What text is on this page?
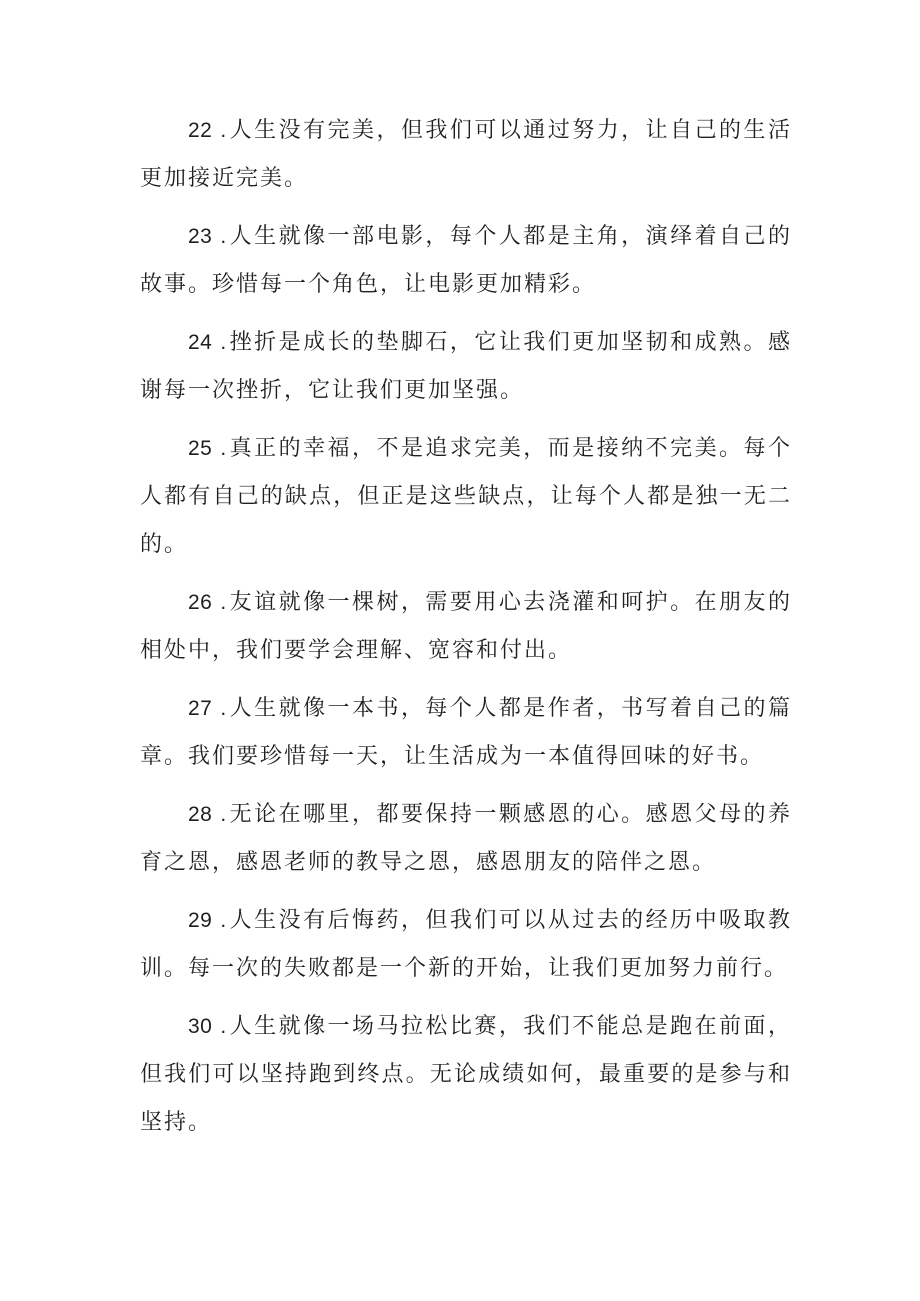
22 .人生没有完美，但我们可以通过努力，让自己的生活更加接近完美。

23 .人生就像一部电影，每个人都是主角，演绎着自己的故事。珍惜每一个角色，让电影更加精彩。

24 .挫折是成长的垫脚石，它让我们更加坚韧和成熟。感谢每一次挫折，它让我们更加坚强。

25 .真正的幸福，不是追求完美，而是接纳不完美。每个人都有自己的缺点，但正是这些缺点，让每个人都是独一无二的。

26 .友谊就像一棵树，需要用心去浇灌和呵护。在朋友的相处中，我们要学会理解、宽容和付出。

27 .人生就像一本书，每个人都是作者，书写着自己的篇章。我们要珍惜每一天，让生活成为一本值得回味的好书。

28 .无论在哪里，都要保持一颗感恩的心。感恩父母的养育之恩，感恩老师的教导之恩，感恩朋友的陪伴之恩。

29 .人生没有后悔药，但我们可以从过去的经历中吸取教训。每一次的失败都是一个新的开始，让我们更加努力前行。

30 .人生就像一场马拉松比赛，我们不能总是跑在前面，但我们可以坚持跑到终点。无论成绩如何，最重要的是参与和坚持。
